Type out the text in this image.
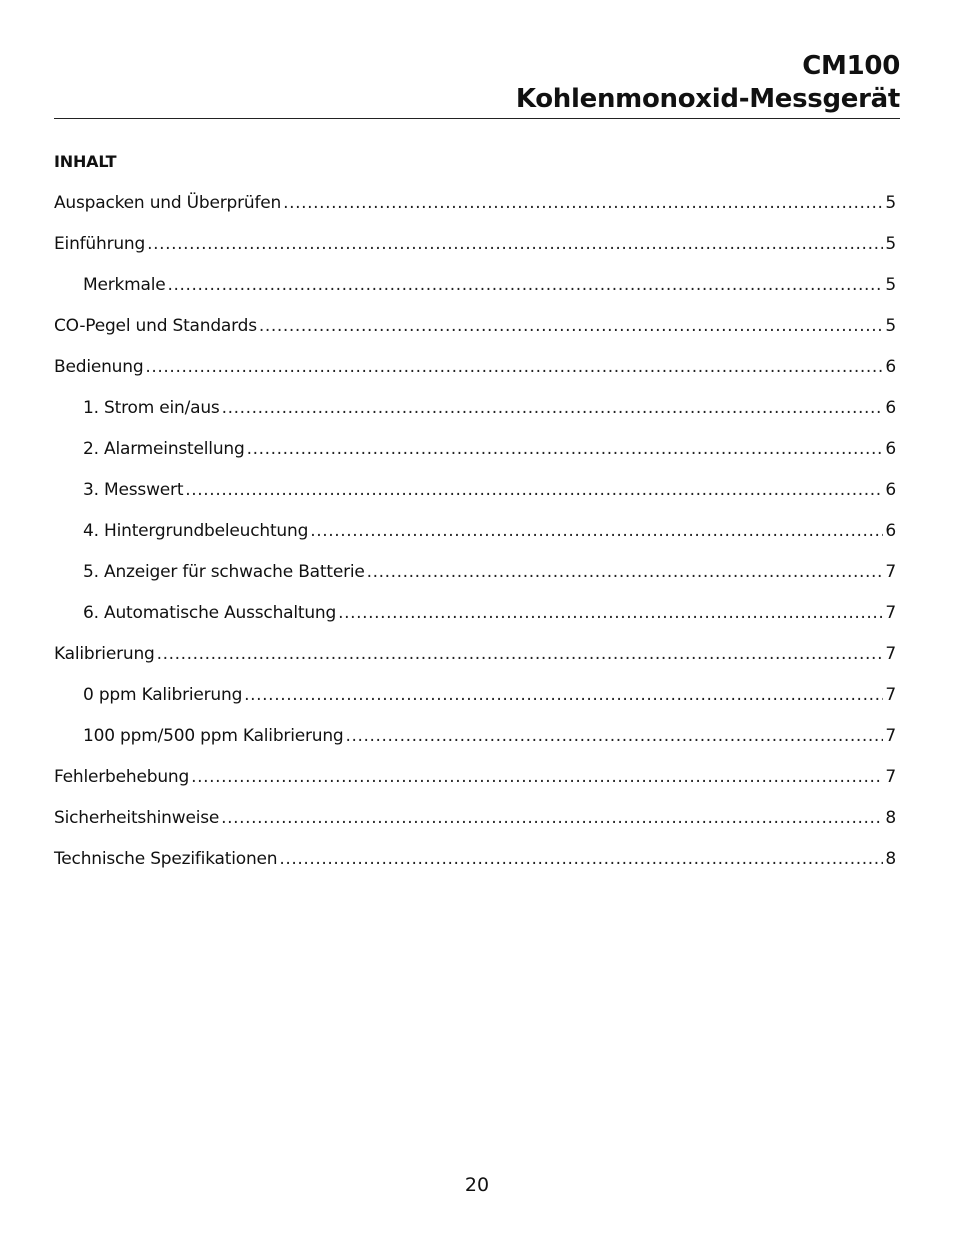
CM100
Kohlenmonoxid-Messgerät
INHALT
Auspacken und Überprüfen .....	5
Einführung .....	5
Merkmale .....	5
CO-Pegel und Standards .....	5
Bedienung .....	6
1. Strom ein/aus .....	6
2. Alarmeinstellung .....	6
3. Messwert .....	6
4. Hintergrundbeleuchtung .....	6
5. Anzeiger für schwache Batterie .....	7
6. Automatische Ausschaltung .....	7
Kalibrierung .....	7
0 ppm Kalibrierung .....	7
100 ppm/500 ppm Kalibrierung .....	7
Fehlerbehebung .....	7
Sicherheitshinweise .....	8
Technische Spezifikationen .....	8
20
